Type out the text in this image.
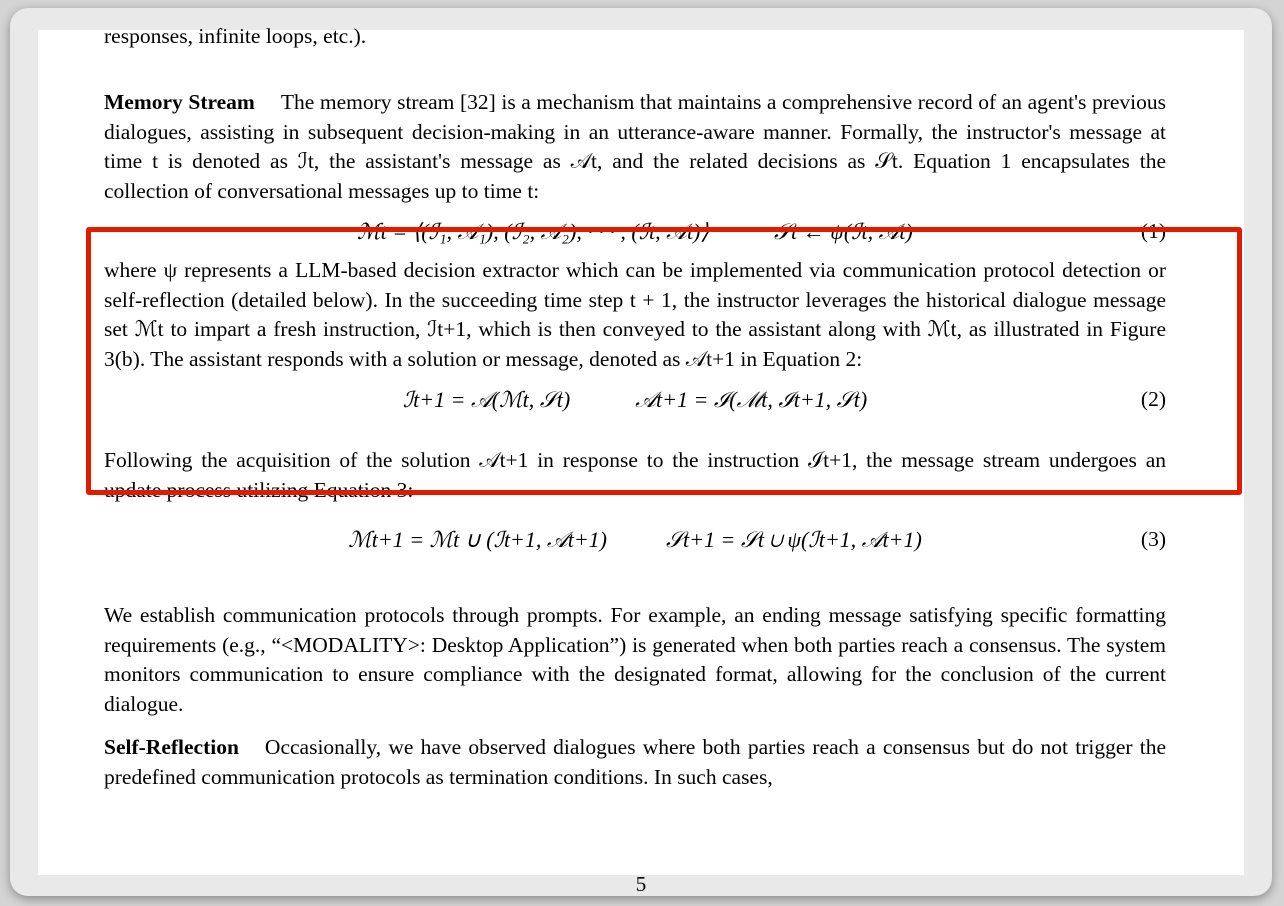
responses, infinite loops, etc.).

Memory Stream The memory stream [32] is a mechanism that maintains a comprehensive record of an agent's previous dialogues, assisting in subsequent decision-making in an utterance-aware manner. Formally, the instructor's message at time t is denoted as ℐt, the assistant's message as 𝒜t, and the related decisions as 𝒮t. Equation 1 encapsulates the collection of conversational messages up to time t:

ℳt = ⟨(ℐ₁, 𝒜₁), (ℐ₂, 𝒜₂), · · · , (ℐt, 𝒜t)⟩	𝒮t ← ψ(ℐt, 𝒜t)	(1)

where ψ represents a LLM-based decision extractor which can be implemented via communication protocol detection or self-reflection (detailed below). In the succeeding time step t + 1, the instructor leverages the historical dialogue message set ℳt to impart a fresh instruction, ℐt+1, which is then conveyed to the assistant along with ℳt, as illustrated in Figure 3(b). The assistant responds with a solution or message, denoted as 𝒜t+1 in Equation 2:

ℐt+1 = 𝒜(ℳt, 𝒮t)	𝒜t+1 = ℐ(ℳt, ℐt+1, 𝒮t)	(2)

Following the acquisition of the solution 𝒜t+1 in response to the instruction ℐt+1, the message stream undergoes an update process utilizing Equation 3:

ℳt+1 = ℳt ∪ (ℐt+1, 𝒜t+1)	𝒮t+1 = 𝒮t ∪ ψ(ℐt+1, 𝒜t+1)	(3)

We establish communication protocols through prompts. For example, an ending message satisfying specific formatting requirements (e.g., “<MODALITY>: Desktop Application”) is generated when both parties reach a consensus. The system monitors communication to ensure compliance with the designated format, allowing for the conclusion of the current dialogue.

Self-Reflection Occasionally, we have observed dialogues where both parties reach a consensus but do not trigger the predefined communication protocols as termination conditions. In such cases,

5
